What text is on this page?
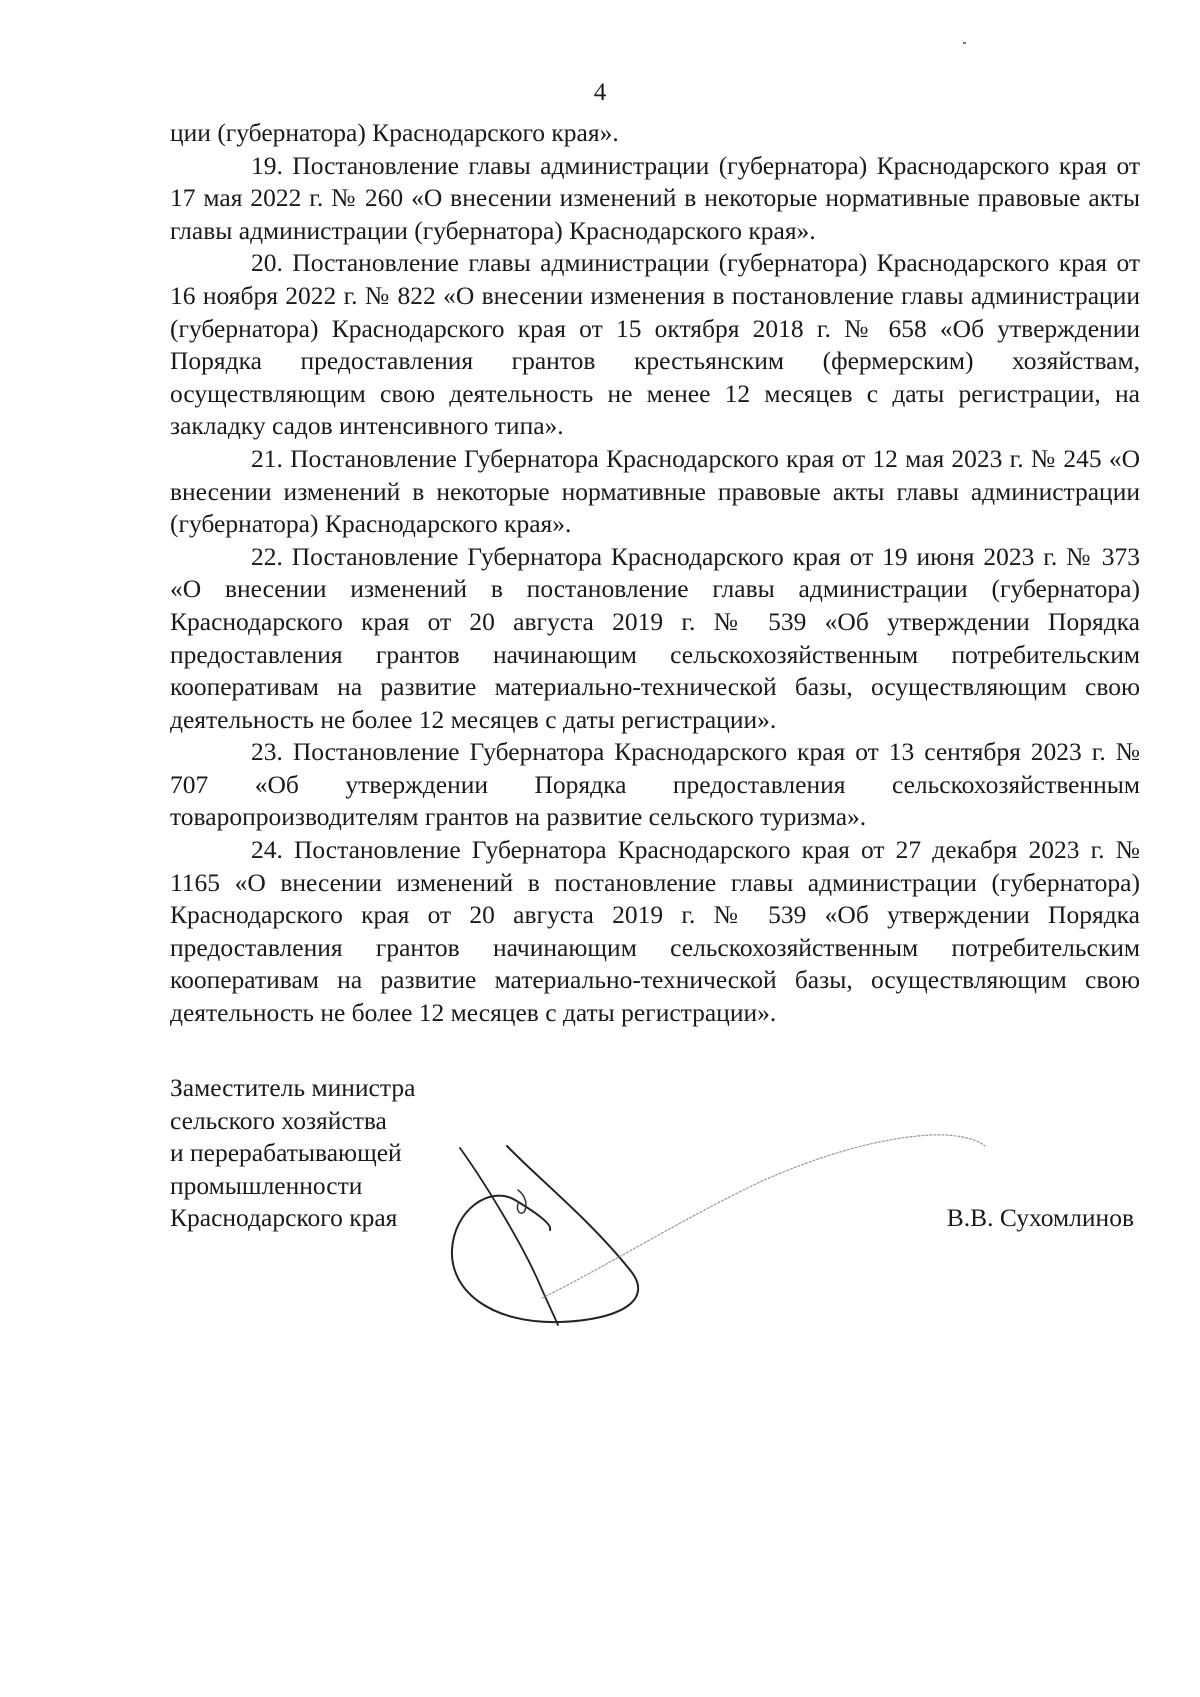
4

ции (губернатора) Краснодарского края».

19. Постановление главы администрации (губернатора) Краснодарского края от 17 мая 2022 г. № 260 «О внесении изменений в некоторые нормативные правовые акты главы администрации (губернатора) Краснодарского края».

20. Постановление главы администрации (губернатора) Краснодарского края от 16 ноября 2022 г. № 822 «О внесении изменения в постановление главы администрации (губернатора) Краснодарского края от 15 октября 2018 г. № 658 «Об утверждении Порядка предоставления грантов крестьянским (фермерским) хозяйствам, осуществляющим свою деятельность не менее 12 месяцев с даты регистрации, на закладку садов интенсивного типа».

21. Постановление Губернатора Краснодарского края от 12 мая 2023 г. № 245 «О внесении изменений в некоторые нормативные правовые акты главы администрации (губернатора) Краснодарского края».

22. Постановление Губернатора Краснодарского края от 19 июня 2023 г. № 373 «О внесении изменений в постановление главы администрации (губернатора) Краснодарского края от 20 августа 2019 г. № 539 «Об утверждении Порядка предоставления грантов начинающим сельскохозяйственным потребительским кооперативам на развитие материально-технической базы, осуществляющим свою деятельность не более 12 месяцев с даты регистрации».

23. Постановление Губернатора Краснодарского края от 13 сентября 2023 г. № 707 «Об утверждении Порядка предоставления сельскохозяйственным товаропроизводителям грантов на развитие сельского туризма».

24. Постановление Губернатора Краснодарского края от 27 декабря 2023 г. № 1165 «О внесении изменений в постановление главы администрации (губернатора) Краснодарского края от 20 августа 2019 г. № 539 «Об утверждении Порядка предоставления грантов начинающим сельскохозяйственным потребительским кооперативам на развитие материально-технической базы, осуществляющим свою деятельность не более 12 месяцев с даты регистрации».

Заместитель министра
сельского хозяйства
и перерабатывающей
промышленности
Краснодарского края	В.В. Сухомлинов
